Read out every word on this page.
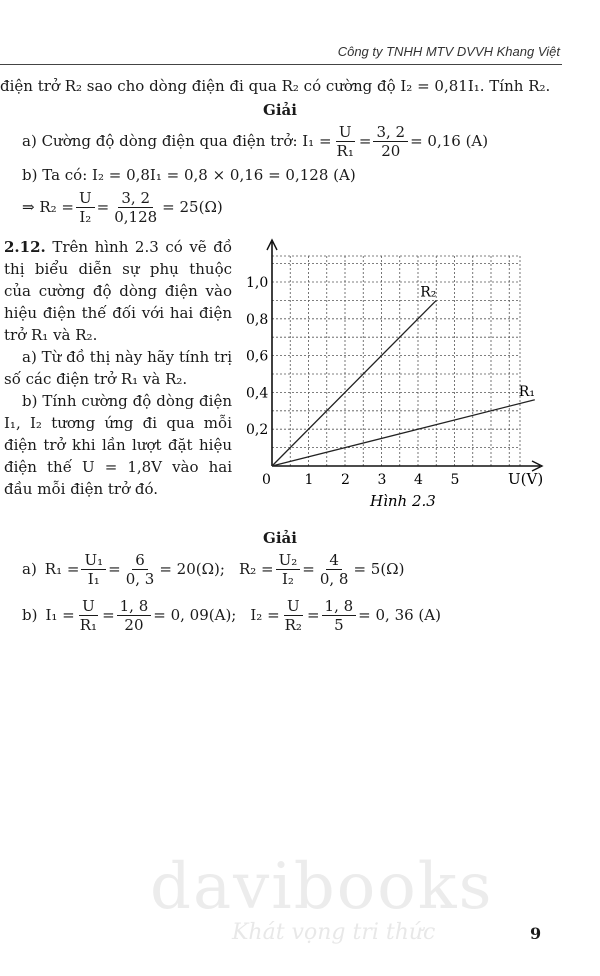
Công ty TNHH MTV DVVH Khang Việt
điện trở R₂ sao cho dòng điện đi qua R₂ có cường độ I₂ = 0,81I₁. Tính R₂.
Giải
a) Cường độ dòng điện qua điện trở: $I_1 = \frac{U}{\text{R₁}} = \frac{3, 2}{20} = 0,16$ (A)
b) Ta có: I₂ = 0,8I₁ = 0,8 × 0,16 = 0,128 (A)
⇒ $R_2 = \frac{U}{\text{I₂}} = \frac{3, 2}{0,128} = 25(\Omega)$
2.12. Trên hình 2.3 có vẽ đồ thị biểu diễn sự phụ thuộc của cường độ dòng điện vào hiệu điện thế đối với hai điện trở R₁ và R₂.
a) Từ đồ thị này hãy tính trị số các điện trở R₁ và R₂.
b) Tính cường độ dòng điện I₁, I₂ tương ứng đi qua mỗi điện trở khi lần lượt đặt hiệu điện thế U = 1,8V vào hai đầu mỗi điện trở đó.	0 1 2 3 4 5
0,2
0,4
0,6
0,8
1,0
R₂
R₁
U(V)
Hình 2.3
Giải
a) $R_1 = \frac{\text{U₁}}{\text{I₁}} = \frac{6}{0, 3} = 20(\Omega)$; $R_2 = \frac{\text{U₂}}{\text{I₂}} = \frac{4}{0, 8} = 5(\Omega)$
b) $I_1 = \frac{U}{\text{R₁}} = \frac{1, 8}{20} = 0$, 09(A); $I_2 = \frac{U}{\text{R₂}} = \frac{1, 8}{5} = 0$, 36 (A)
davibooks
Khát vọng tri thức	9
